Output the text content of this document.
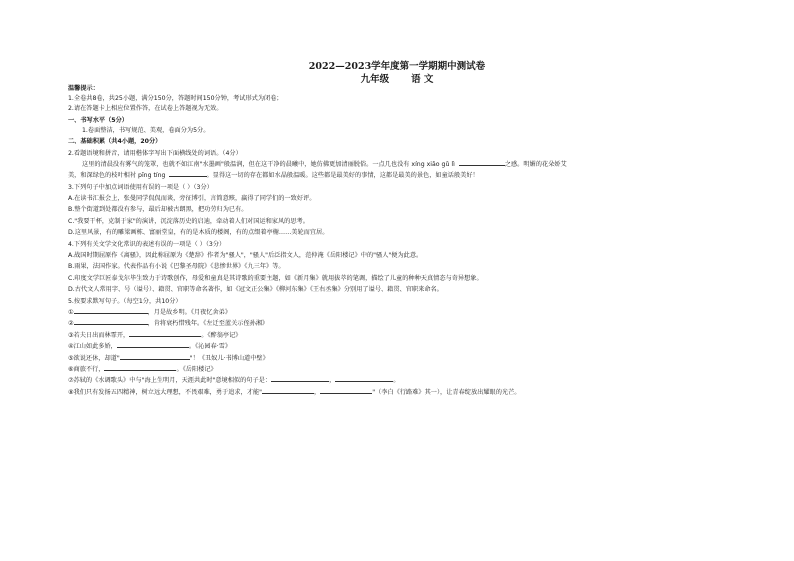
2022—2023学年度第一学期期中测试卷
九年级 语 文
温馨提示：
1.全卷共8卷，共25小题，满分150分，答题时间150分钟，考试形式为闭卷；
2.请在答题卡上相应位置作答，在试卷上答题视为无效。
一、书写水平（5分）
1.卷面整洁，书写规范、美观，卷面分为5分。
二、基础积累（共4小题，20分）
2.看题语境和拼音，请用楷体字写出下面横线处的词语。（4分）
这里的清晨没有雾气的笼罩，也就不如江南"水墨画"般温润，但在这干净的晨曦中，她仿佛更加清丽脱俗。一点几也没有 xíng xiāo gǔ lì	之感。明媚的花朵娇艾
美，和深绿色的枝叶相衬 pīng tíng	。显得这一切的存在都如水晶般温暖。这些都是最美好的事情，这都是最美的景色，如童话般美好！
3.下列句子中加点词语使用有误的一项是（ ）（3分）
A.在读书汇报会上，张曼同学侃侃而谈，旁征博引，言简意赅，赢得了同学们的一致好评。
B.整个街道到处都没有参与，最后却被古朗黑，把功劳归为已有。
C."我要干杯，克制于家"的演讲，沉淀落历史的启迪，牵动着人们对国运和家风的思考。
D.这里风景，有的雕梁画栋、富丽堂皇，有的是木质的楼阁，有的点缀着亭榭……美轮而宜居。
4.下列有关文学文化常识的表述有误的一项是（ ）（3分）
A.战国时期屈原作《离骚》，因此称屈原为《楚辞》作者为"骚人"，"骚人"后泛指文人，范仲淹《岳阳楼记》中的"骚人"便为此意。
B.雨果，法国作家。代表作品有小说《巴黎圣母院》《悲惨世界》《九三年》等。
C.印度文学巨匠泰戈尔毕生致力于诗歌创作，母爱和童真是其诗歌的重要主题，如《新月集》就用拔萃的笔调，描绘了儿童的种种天真情态与奇异想象。
D.古代文人常用字、号（谥号）、籍贯、官职等命名著作，如《冠文正公集》《柳河东集》《王右丞集》分别用了谥号、籍贯、官职来命名。
5.按要求默写句子。（每空1分，共10分）
①	，月是故乡明。《月夜忆舍弟》
②	，肯将衰朽惜残年。《左迁至蓝关示侄孙湘》
③若夫日出而林霏开，	。《醉翁亭记》
④江山如此多娇，	。《沁园春·雪》
⑤欲说还休，却道"	"！《丑奴儿·书博山道中壁》
⑥商旅不行，	。《岳阳楼记》
⑦苏轼的《水调歌头》中与"海上生明月，天涯共此时"意境相似的句子是：	，	。
⑧我们只有发扬五四精神，树立远大理想，不畏艰难，勇于追求，才能"	，	"（李白《行路难》其一），让青春绽放出耀眼的光芒。
